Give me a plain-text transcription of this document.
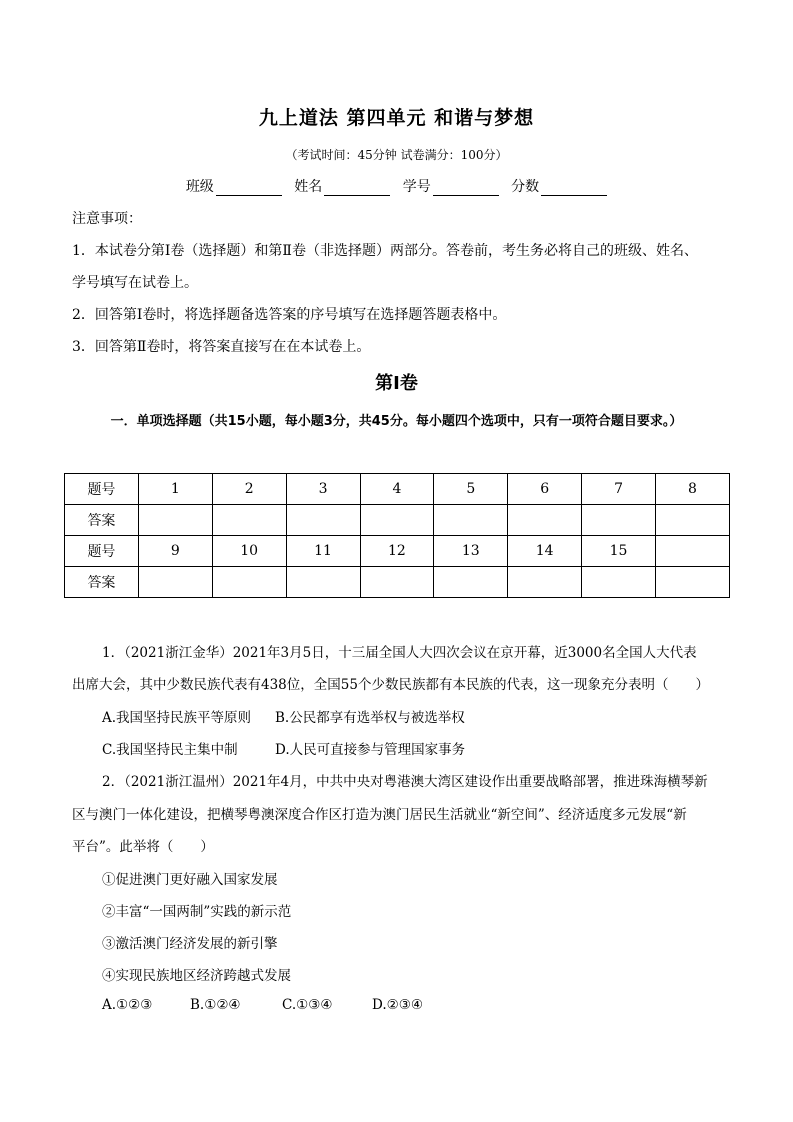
九上道法 第四单元 和谐与梦想
（考试时间：45分钟 试卷满分：100分）
班级	姓名	学号	分数
注意事项：
1．本试卷分第Ⅰ卷（选择题）和第Ⅱ卷（非选择题）两部分。答卷前，考生务必将自己的班级、姓名、
学号填写在试卷上。
2．回答第Ⅰ卷时，将选择题备选答案的序号填写在选择题答题表格中。
3．回答第Ⅱ卷时，将答案直接写在在本试卷上。
第Ⅰ卷
一．单项选择题（共15小题，每小题3分，共45分。每小题四个选项中，只有一项符合题目要求。）
题号	1	2	3	4	5	6	7	8
答案								
题号	9	10	11	12	13	14	15	
答案								
1．（2021浙江金华）2021年3月5日，十三届全国人大四次会议在京开幕，近3000名全国人大代表
出席大会，其中少数民族代表有438位，全国55个少数民族都有本民族的代表，这一现象充分表明（　　）
A.我国坚持民族平等原则 B.公民都享有选举权与被选举权
C.我国坚持民主集中制	D.人民可直接参与管理国家事务
2．（2021浙江温州）2021年4月，中共中央对粤港澳大湾区建设作出重要战略部署，推进珠海横琴新
区与澳门一体化建设，把横琴粤澳深度合作区打造为澳门居民生活就业“新空间”、经济适度多元发展“新
平台”。此举将（　　）
①促进澳门更好融入国家发展
②丰富“一国两制”实践的新示范
③激活澳门经济发展的新引擎
④实现民族地区经济跨越式发展
A.①②③	B.①②④	C.①③④	D.②③④
